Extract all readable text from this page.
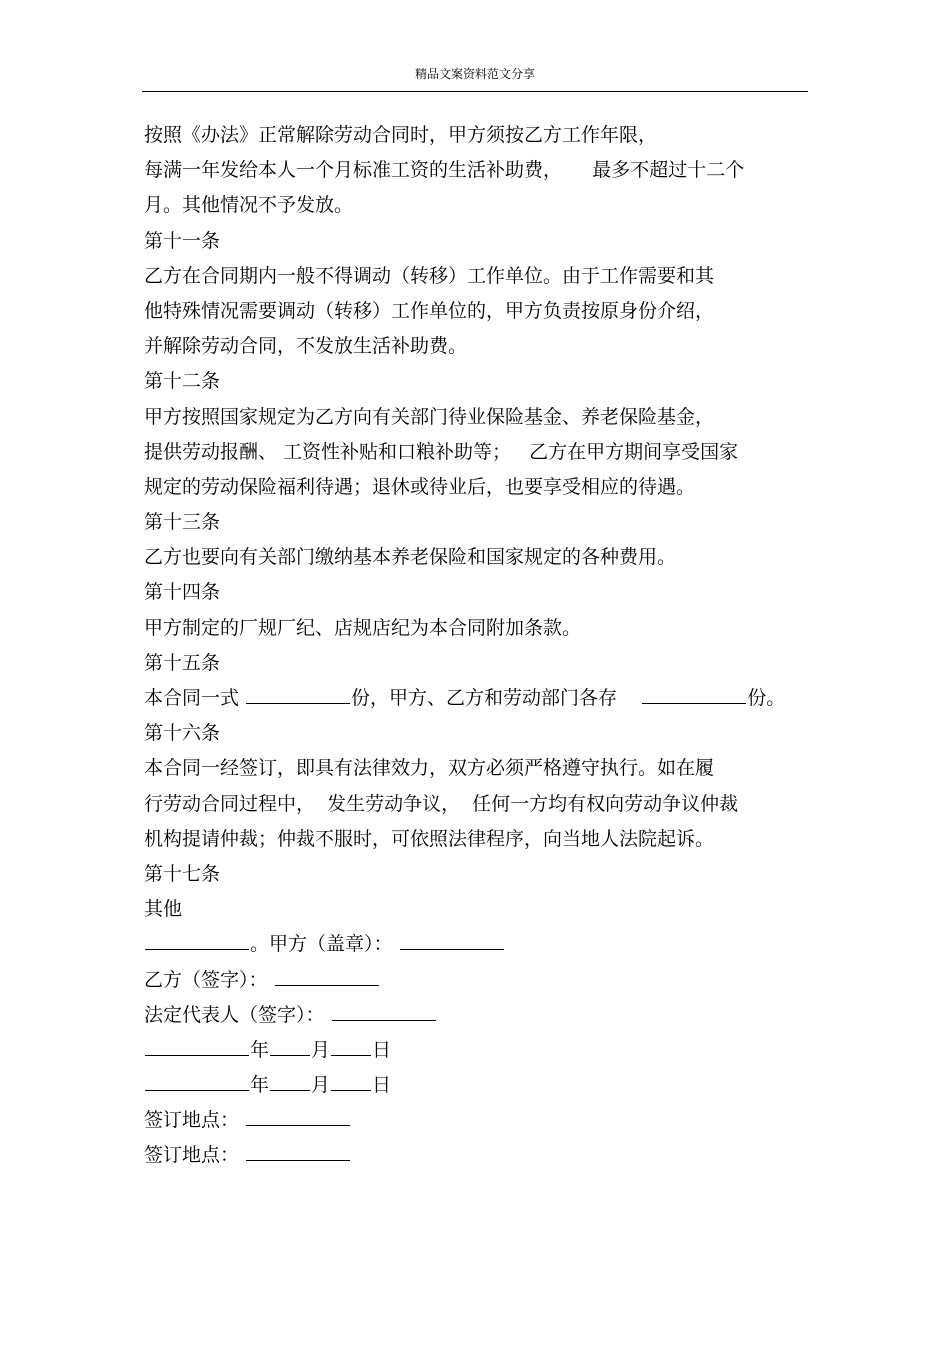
精品文案资料范文分享
按照《办法》正常解除劳动合同时，甲方须按乙方工作年限，
每满一年发给本人一个月标准工资的生活补助费，     最多不超过十二个
月。其他情况不予发放。
第十一条
乙方在合同期内一般不得调动（转移）工作单位。由于工作需要和其
他特殊情况需要调动（转移）工作单位的，甲方负责按原身份介绍，
并解除劳动合同，不发放生活补助费。
第十二条
甲方按照国家规定为乙方向有关部门待业保险基金、养老保险基金，
提供劳动报酬、 工资性补贴和口粮补助等；   乙方在甲方期间享受国家
规定的劳动保险福利待遇；退休或待业后，也要享受相应的待遇。
第十三条
乙方也要向有关部门缴纳基本养老保险和国家规定的各种费用。
第十四条
甲方制定的厂规厂纪、店规店纪为本合同附加条款。
第十五条
本合同一式	份，甲方、乙方和劳动部门各存	份。
第十六条
本合同一经签订，即具有法律效力，双方必须严格遵守执行。如在履
行劳动合同过程中，  发生劳动争议，  任何一方均有权向劳动争议仲裁
机构提请仲裁；仲裁不服时，可依照法律程序，向当地人法院起诉。
第十七条
其他
。甲方（盖章）：
乙方（签字）：
法定代表人（签字）：
年 月 日
年 月 日
签订地点：
签订地点：
